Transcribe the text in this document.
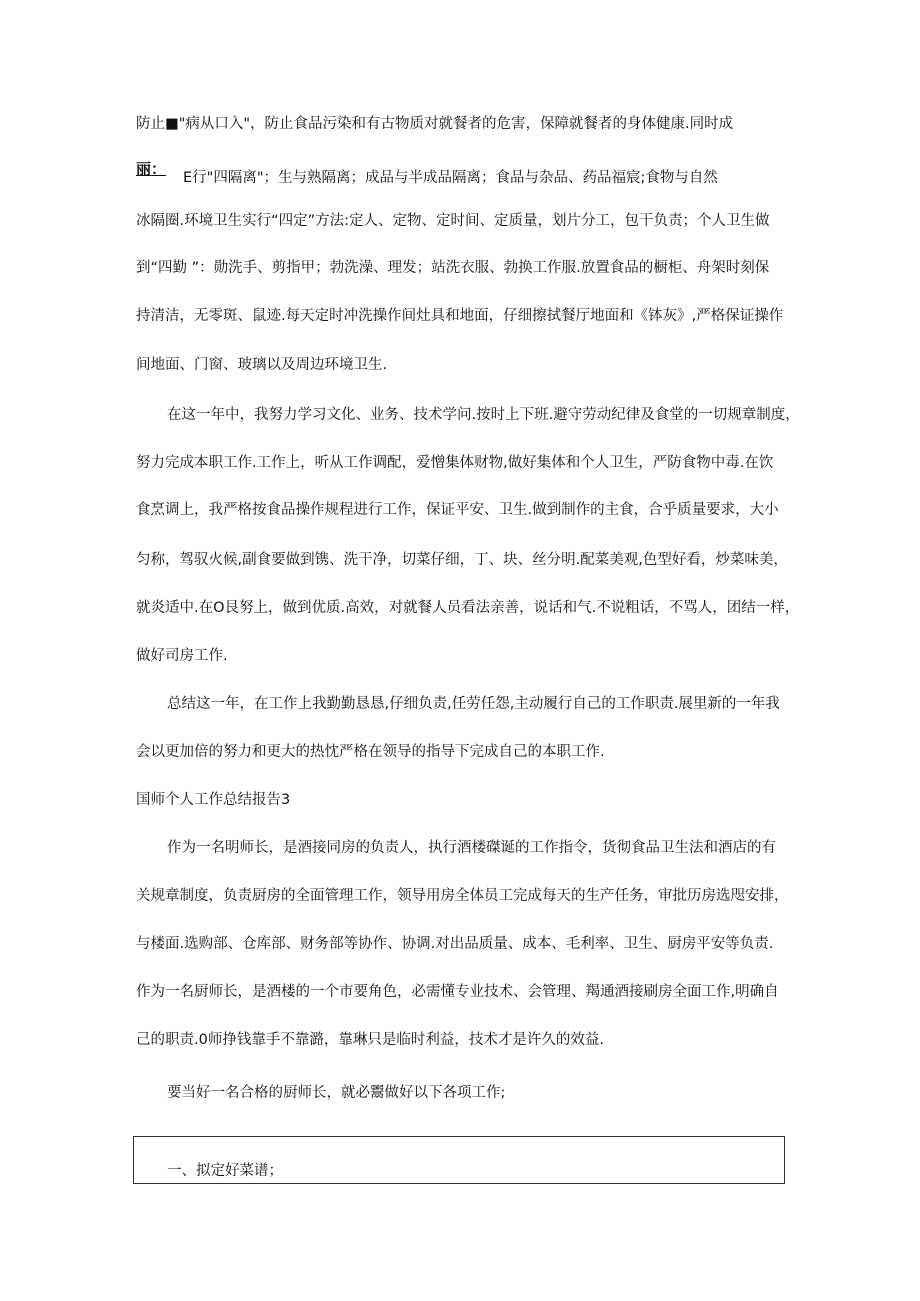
防止■"病从口入"，防止食品污染和有古物质对就餐者的危害，保障就餐者的身体健康.同时成
丽： E行"四隔离"；生与熟隔离；成品与半成品隔离；食品与杂品、药品福宸;食物与自然
冰隔圈.环境卫生实行“四定”方法:定人、定物、定时间、定质量，划片分工，包干负责；个人卫生做
到“四勤 ”：勋洗手、剪指甲；勃洗澡、理发；站洗衣服、勃换工作服.放置食品的橱柜、舟架时刻保
持清洁，无零斑、鼠迹.每天定时冲洗操作间灶具和地面，仔细擦拭餐厅地面和《钵灰》,严格保证操作
间地面、门窗、玻璃以及周边环境卫生.
在这一年中，我努力学习文化、业务、技术学问.按时上下班.避守劳动纪律及食堂的一切规章制度，
努力完成本职工作.工作上，听从工作调配，爱憎集体财物,做好集体和个人卫生，严防食物中毒.在饮
食烹调上，我严格按食品操作规程进行工作，保证平安、卫生.做到制作的主食，合乎质量要求，大小
匀称，驾驭火候,副食要做到镌、洗干净，切菜仔细，丁、块、丝分明.配菜美观,色型好看，炒菜味美，
就炎适中.在O艮努上，做到优质.高效，对就餐人员看法亲善，说话和气.不说粗话，不骂人，团结一样，
做好司房工作.
总结这一年，在工作上我勤勤恳恳,仔细负责,任劳任怨,主动履行自己的工作职责.展里新的一年我
会以更加倍的努力和更大的热忱严格在领导的指导下完成自己的本职工作.
国师个人工作总结报告3
作为一名明师长，是酒接同房的负责人，执行酒楼磔诞的工作指令，货彻食品卫生法和酒店的有
关规章制度，负责厨房的全面管理工作，领导用房全体员工完成每天的生产任务，审批历房选咫安排，
与楼面.选购部、仓库部、财务部等协作、协调.对出品质量、成本、毛利率、卫生、厨房平安等负责.
作为一名厨师长，是酒楼的一个市要角色，必需懂专业技术、会管理、羯通酒接刷房全面工作,明确自
己的职责.0师挣钱靠手不靠潞，靠琳只是临时利益，技术才是许久的效益.
要当好一名合格的厨师长，就必鬻做好以下各项工作;
一、拟定好菜谱；
